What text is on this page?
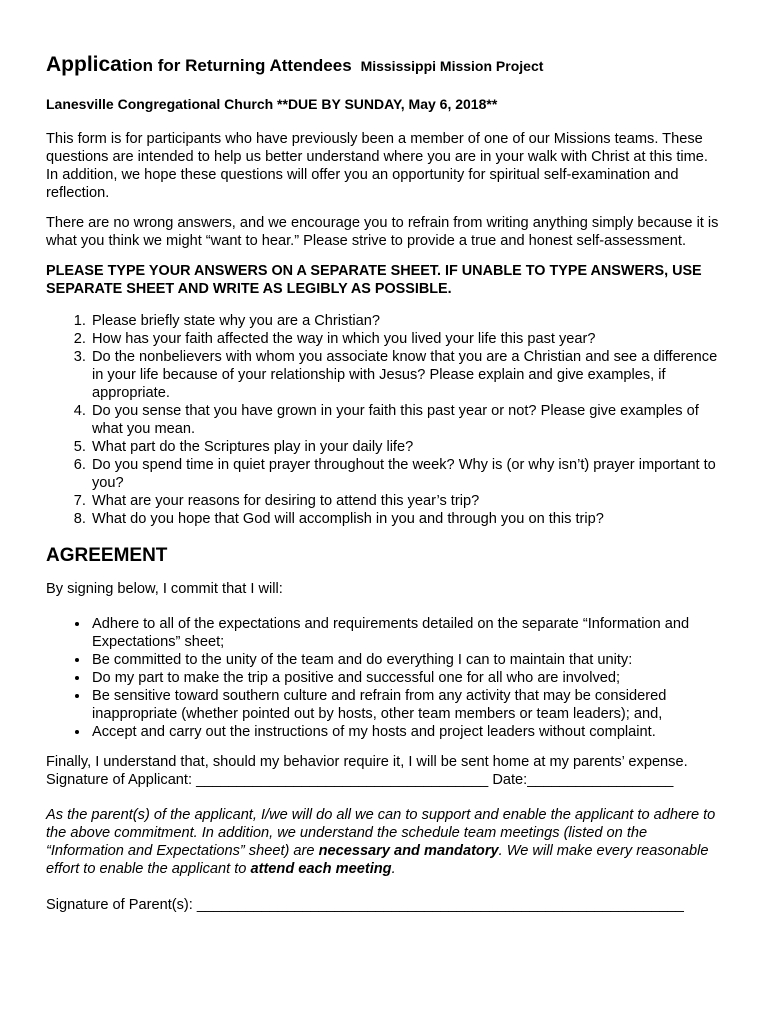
Application for Returning Attendees Mississippi Mission Project
Lanesville Congregational Church **DUE BY SUNDAY, May 6, 2018**

This form is for participants who have previously been a member of one of our Missions teams. These questions are intended to help us better understand where you are in your walk with Christ at this time. In addition, we hope these questions will offer you an opportunity for spiritual self-examination and reflection.

There are no wrong answers, and we encourage you to refrain from writing anything simply because it is what you think we might “want to hear.” Please strive to provide a true and honest self-assessment.

PLEASE TYPE YOUR ANSWERS ON A SEPARATE SHEET. IF UNABLE TO TYPE ANSWERS, USE SEPARATE SHEET AND WRITE AS LEGIBLY AS POSSIBLE.

1. Please briefly state why you are a Christian?
2. How has your faith affected the way in which you lived your life this past year?
3. Do the nonbelievers with whom you associate know that you are a Christian and see a difference in your life because of your relationship with Jesus? Please explain and give examples, if appropriate.
4. Do you sense that you have grown in your faith this past year or not? Please give examples of what you mean.
5. What part do the Scriptures play in your daily life?
6. Do you spend time in quiet prayer throughout the week? Why is (or why isn’t) prayer important to you?
7. What are your reasons for desiring to attend this year’s trip?
8. What do you hope that God will accomplish in you and through you on this trip?
AGREEMENT

By signing below, I commit that I will:

• Adhere to all of the expectations and requirements detailed on the separate “Information and Expectations” sheet;
• Be committed to the unity of the team and do everything I can to maintain that unity:
• Do my part to make the trip a positive and successful one for all who are involved;
• Be sensitive toward southern culture and refrain from any activity that may be considered inappropriate (whether pointed out by hosts, other team members or team leaders); and,
• Accept and carry out the instructions of my hosts and project leaders without complaint.

Finally, I understand that, should my behavior require it, I will be sent home at my parents’ expense.

Signature of Applicant: ____________________________________ Date:__________________

As the parent(s) of the applicant, I/we will do all we can to support and enable the applicant to adhere to the above commitment. In addition, we understand the schedule team meetings (listed on the “Information and Expectations” sheet) are necessary and mandatory. We will make every reasonable effort to enable the applicant to attend each meeting.

Signature of Parent(s): ____________________________________________________________
